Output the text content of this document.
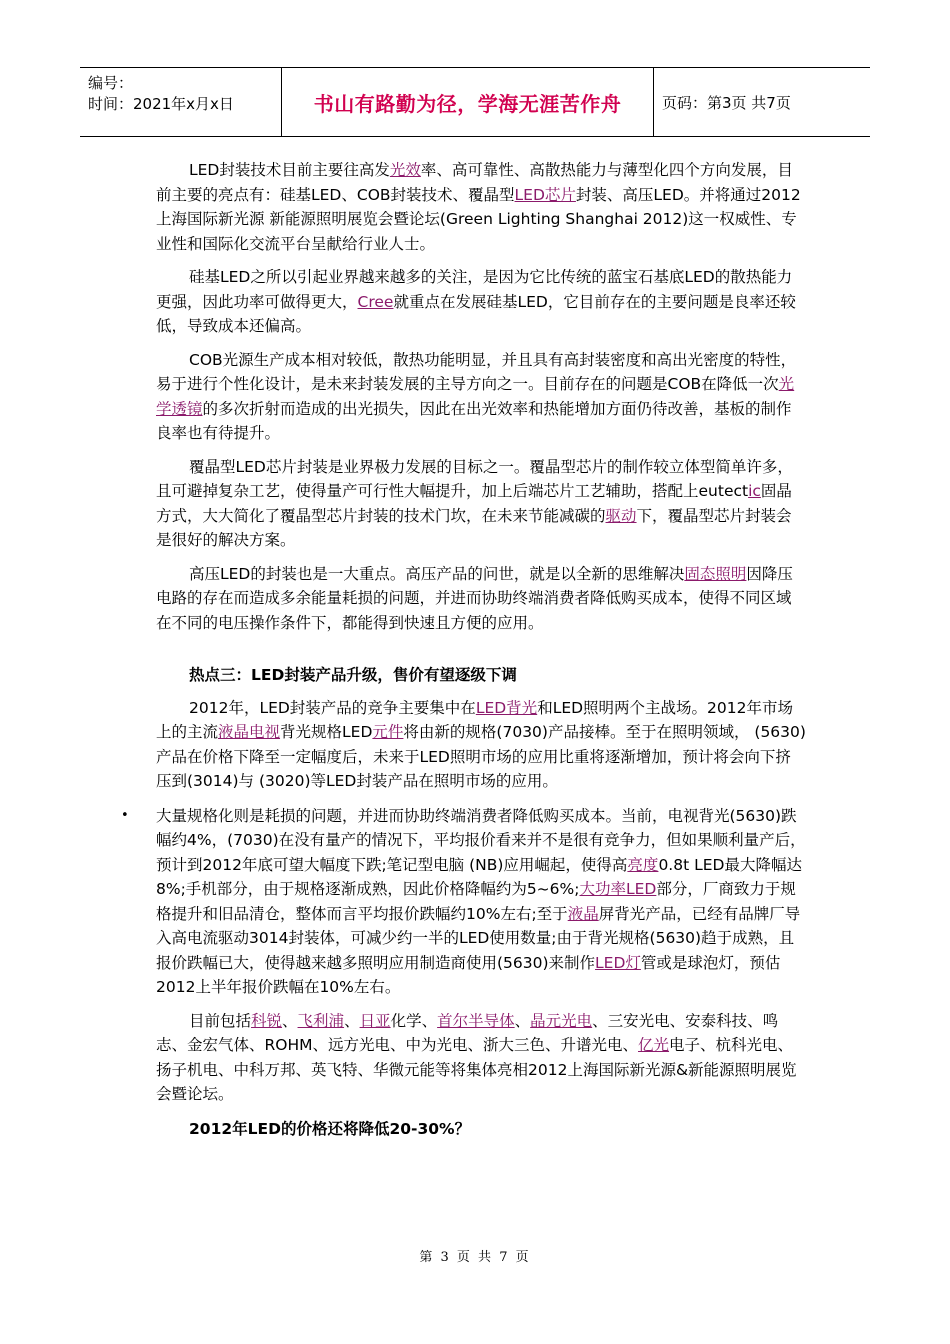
编号：
时间：2021年x月x日	书山有路勤为径，学海无涯苦作舟	页码：第3页 共7页

LED封装技术目前主要往高发光效率、高可靠性、高散热能力与薄型化四个方向发展，目前主要的亮点有：硅基LED、COB封装技术、覆晶型LED芯片封装、高压LED。并将通过2012上海国际新光源 新能源照明展览会暨论坛(Green Lighting Shanghai 2012)这一权威性、专业性和国际化交流平台呈献给行业人士。

硅基LED之所以引起业界越来越多的关注，是因为它比传统的蓝宝石基底LED的散热能力更强，因此功率可做得更大，Cree就重点在发展硅基LED，它目前存在的主要问题是良率还较低，导致成本还偏高。

COB光源生产成本相对较低，散热功能明显，并且具有高封装密度和高出光密度的特性，易于进行个性化设计，是未来封装发展的主导方向之一。目前存在的问题是COB在降低一次光学透镜的多次折射而造成的出光损失，因此在出光效率和热能增加方面仍待改善，基板的制作良率也有待提升。

覆晶型LED芯片封装是业界极力发展的目标之一。覆晶型芯片的制作较立体型简单许多，且可避掉复杂工艺，使得量产可行性大幅提升，加上后端芯片工艺辅助，搭配上eutectic固晶方式，大大简化了覆晶型芯片封装的技术门坎，在未来节能减碳的驱动下，覆晶型芯片封装会是很好的解决方案。

高压LED的封装也是一大重点。高压产品的问世，就是以全新的思维解决固态照明因降压电路的存在而造成多余能量耗损的问题，并进而协助终端消费者降低购买成本，使得不同区域在不同的电压操作条件下，都能得到快速且方便的应用。

热点三：LED封装产品升级，售价有望逐级下调

2012年，LED封装产品的竞争主要集中在LED背光和LED照明两个主战场。2012年市场上的主流液晶电视背光规格LED元件将由新的规格(7030)产品接棒。至于在照明领域， (5630)产品在价格下降至一定幅度后，未来于LED照明市场的应用比重将逐渐增加，预计将会向下挤压到(3014)与 (3020)等LED封装产品在照明市场的应用。

• 大量规格化则是耗损的问题，并进而协助终端消费者降低购买成本。当前，电视背光(5630)跌幅约4%，(7030)在没有量产的情况下，平均报价看来并不是很有竞争力，但如果顺利量产后，预计到2012年底可望大幅度下跌;笔记型电脑 (NB)应用崛起，使得高亮度0.8t LED最大降幅达8%;手机部分，由于规格逐渐成熟，因此价格降幅约为5~6%;大功率LED部分，厂商致力于规格提升和旧品清仓，整体而言平均报价跌幅约10%左右;至于液晶屏背光产品，已经有品牌厂导入高电流驱动3014封装体，可减少约一半的LED使用数量;由于背光规格(5630)趋于成熟，且报价跌幅已大，使得越来越多照明应用制造商使用(5630)来制作LED灯管或是球泡灯，预估2012上半年报价跌幅在10%左右。

目前包括科锐、飞利浦、日亚化学、首尔半导体、晶元光电、三安光电、安泰科技、鸣志、金宏气体、ROHM、远方光电、中为光电、浙大三色、升谱光电、亿光电子、杭科光电、扬子机电、中科万邦、英飞特、华微元能等将集体亮相2012上海国际新光源&新能源照明展览会暨论坛。

2012年LED的价格还将降低20-30%？

第 3 页 共 7 页
